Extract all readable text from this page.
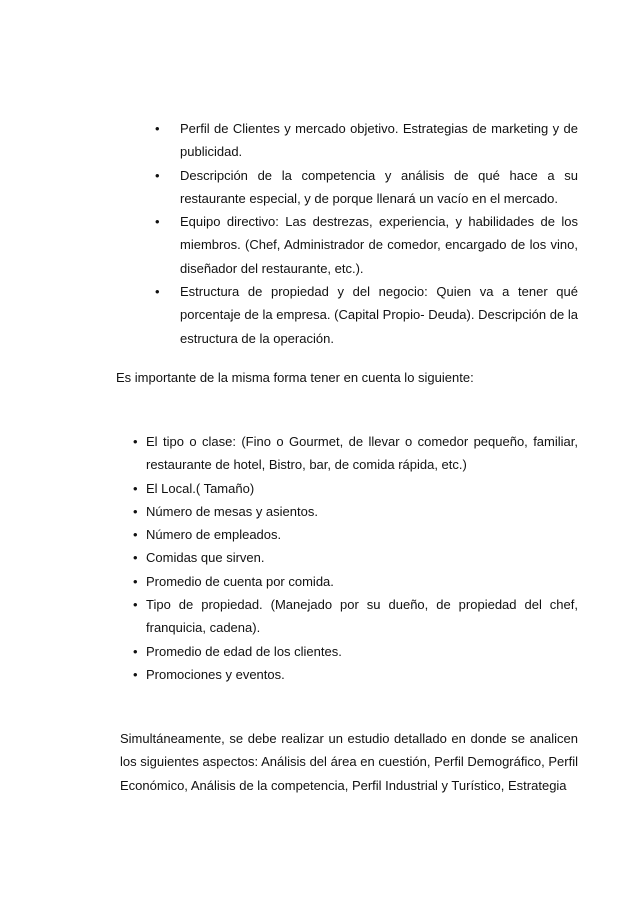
• Perfil de Clientes y mercado objetivo. Estrategias de marketing y de publicidad.
• Descripción de la competencia y análisis de qué hace a su restaurante especial, y de porque llenará un vacío en el mercado.
• Equipo directivo: Las destrezas, experiencia, y habilidades de los miembros. (Chef, Administrador de comedor, encargado de los vino, diseñador del restaurante, etc.).
• Estructura de propiedad y del negocio: Quien va a tener qué porcentaje de la empresa. (Capital Propio- Deuda). Descripción de la estructura de la operación.

Es importante de la misma forma tener en cuenta lo siguiente:

• El tipo o clase: (Fino o Gourmet, de llevar o comedor pequeño, familiar, restaurante de hotel, Bistro, bar, de comida rápida, etc.)
• El Local.( Tamaño)
• Número de mesas y asientos.
• Número de empleados.
• Comidas que sirven.
• Promedio de cuenta por comida.
• Tipo de propiedad. (Manejado por su dueño, de propiedad del chef, franquicia, cadena).
• Promedio de edad de los clientes.
• Promociones y eventos.

Simultáneamente, se debe realizar un estudio detallado en donde se analicen los siguientes aspectos: Análisis del área en cuestión, Perfil Demográfico, Perfil Económico, Análisis de la competencia, Perfil Industrial y Turístico, Estrategia
